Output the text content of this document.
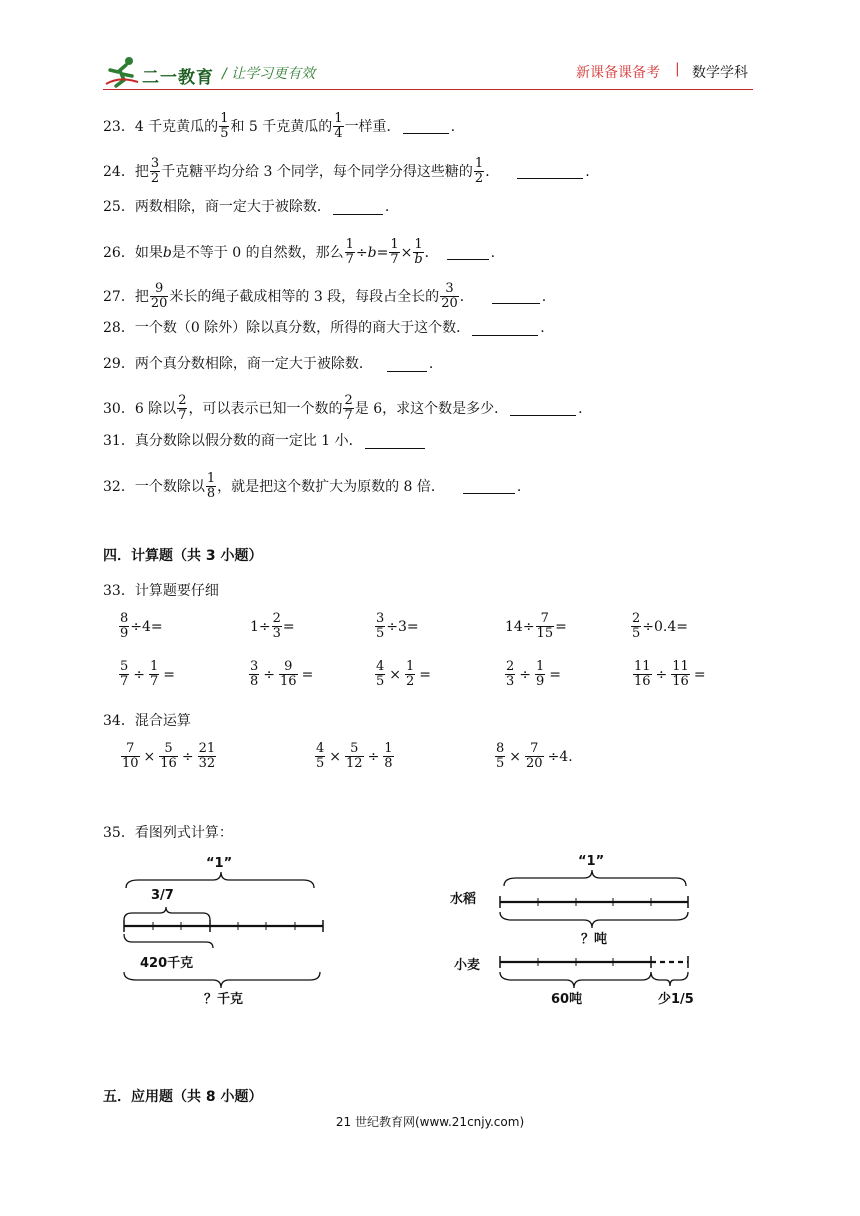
二一教育 / 让学习更有效	新课备课备考 | 数学学科
23． 4 千克黄瓜的 $\frac{1}{5}$ 和 5 千克黄瓜的 $\frac{1}{4}$ 一样重．	.
24． 把 $\frac{3}{2}$ 千克糖平均分给 3 个同学，每个同学分得这些糖的 $\frac{1}{2}$ ．	.
25． 两数相除，商一定大于被除数．	.
26． 如果 b 是不等于 0 的自然数，那么 $\frac{1}{7} \div b = \frac{1}{7} \times \frac{1}{b}$ ．	.
27． 把 $\frac{9}{20}$ 米长的绳子截成相等的 3 段，每段占全长的 $\frac{3}{20}$ ．	.
28． 一个数（0 除外）除以真分数，所得的商大于这个数．	.
29． 两个真分数相除，商一定大于被除数．	.
30． 6 除以 $\frac{2}{7}$ ，可以表示已知一个数的 $\frac{2}{7}$ 是 6，求这个数是多少．	.
31． 真分数除以假分数的商一定比 1 小．
32． 一个数除以 $\frac{1}{8}$ ，就是把这个数扩大为原数的 8 倍．	.
四．计算题（共 3 小题）
33．计算题要仔细
$\frac{8}{9} \div 4=$	$1\div \frac{2}{3}$ =	$\frac{3}{5} \div 3=$	$14\div \frac{7}{15}$ =	$\frac{2}{5} \div 0.4=$
$\frac{5}{7} \div \frac{1}{7}$ =	$\frac{3}{8} \div \frac{9}{16}$ =	$\frac{4}{5} \times \frac{1}{2}$ =	$\frac{2}{3} \div \frac{1}{9}$ =	$\frac{11}{16} \div \frac{11}{16}$ =
34．混合运算
$\frac{7}{10} \times \frac{5}{16} \div \frac{21}{32}$	$\frac{4}{5} \times \frac{5}{12} \div \frac{1}{8}$	$\frac{8}{5} \times \frac{7}{20} \div 4$.
35．看图列式计算：
“1”
3/7
420千克
？千克
“1”
水稻
？吨
小麦
60吨	少1/5
五．应用题（共 8 小题）
21 世纪教育网(www.21cnjy.com)
